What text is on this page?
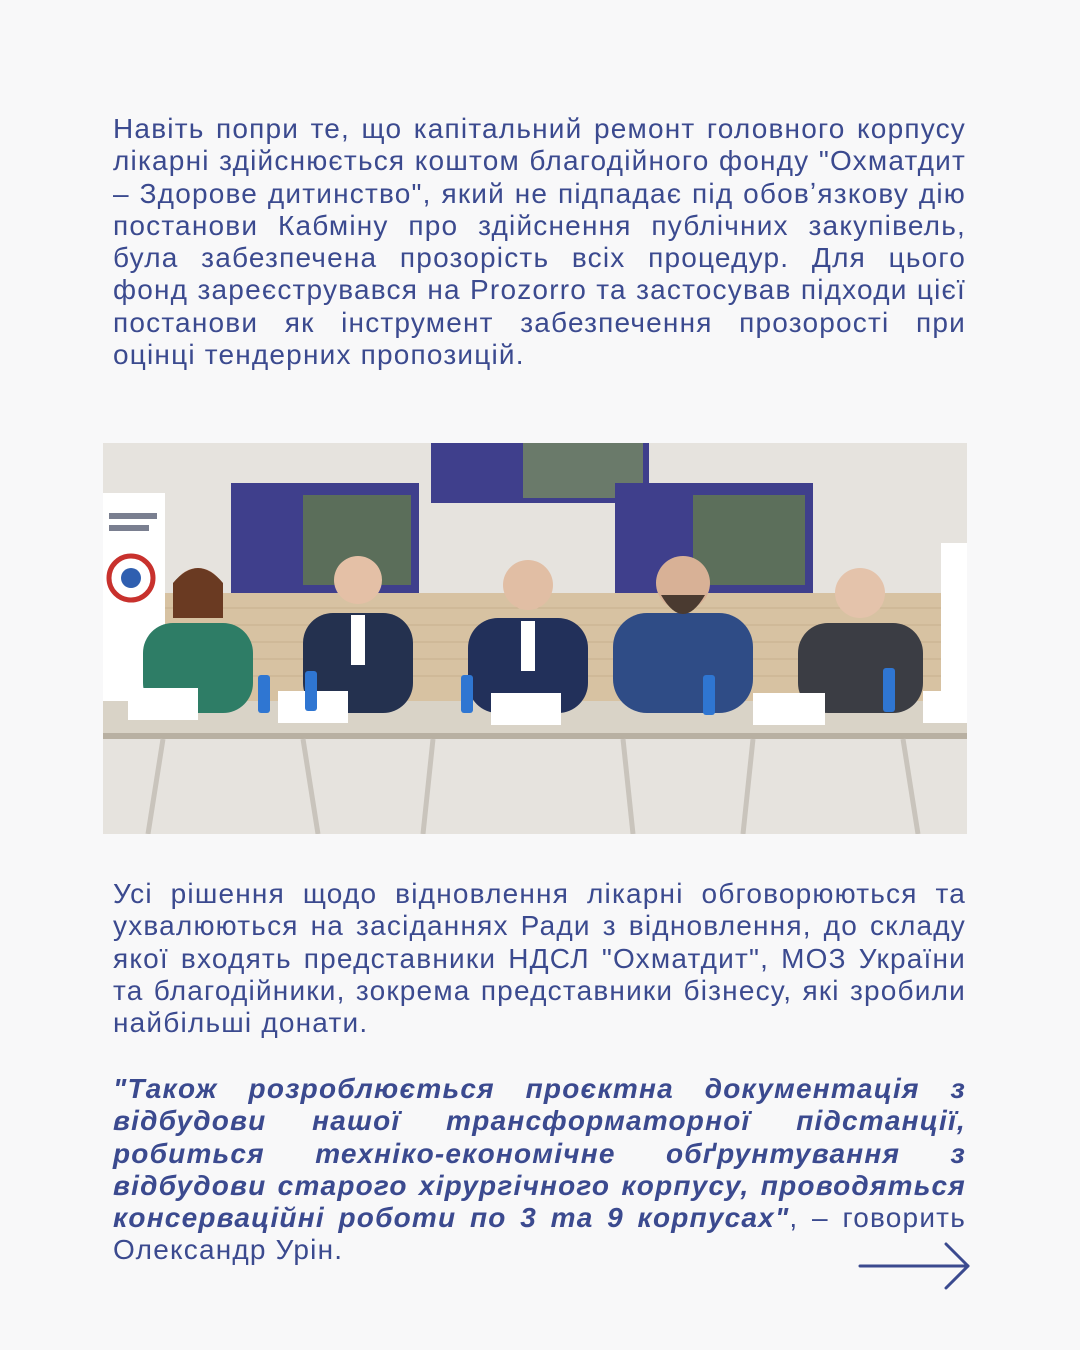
Навіть попри те, що капітальний ремонт головного корпусу лікарні здійснюється коштом благодійного фонду "Охматдит – Здорове дитинство", який не підпадає під обовʼязкову дію постанови Кабміну про здійснення публічних закупівель, була забезпечена прозорість всіх процедур. Для цього фонд зареєструвався на Prozorro та застосував підходи цієї постанови як інструмент забезпечення прозорості при оцінці тендерних пропозицій.

Усі рішення щодо відновлення лікарні обговорюються та ухвалюються на засіданнях Ради з відновлення, до складу якої входять представники НДСЛ "Охматдит", МОЗ України та благодійники, зокрема представники бізнесу, які зробили найбільші донати.

"Також розроблюється проєктна документація з відбудови нашої трансформаторної підстанції, робиться техніко-економічне обґрунтування з відбудови старого хірургічного корпусу, проводяться консерваційні роботи по 3 та 9 корпусах", – говорить Олександр Урін.
